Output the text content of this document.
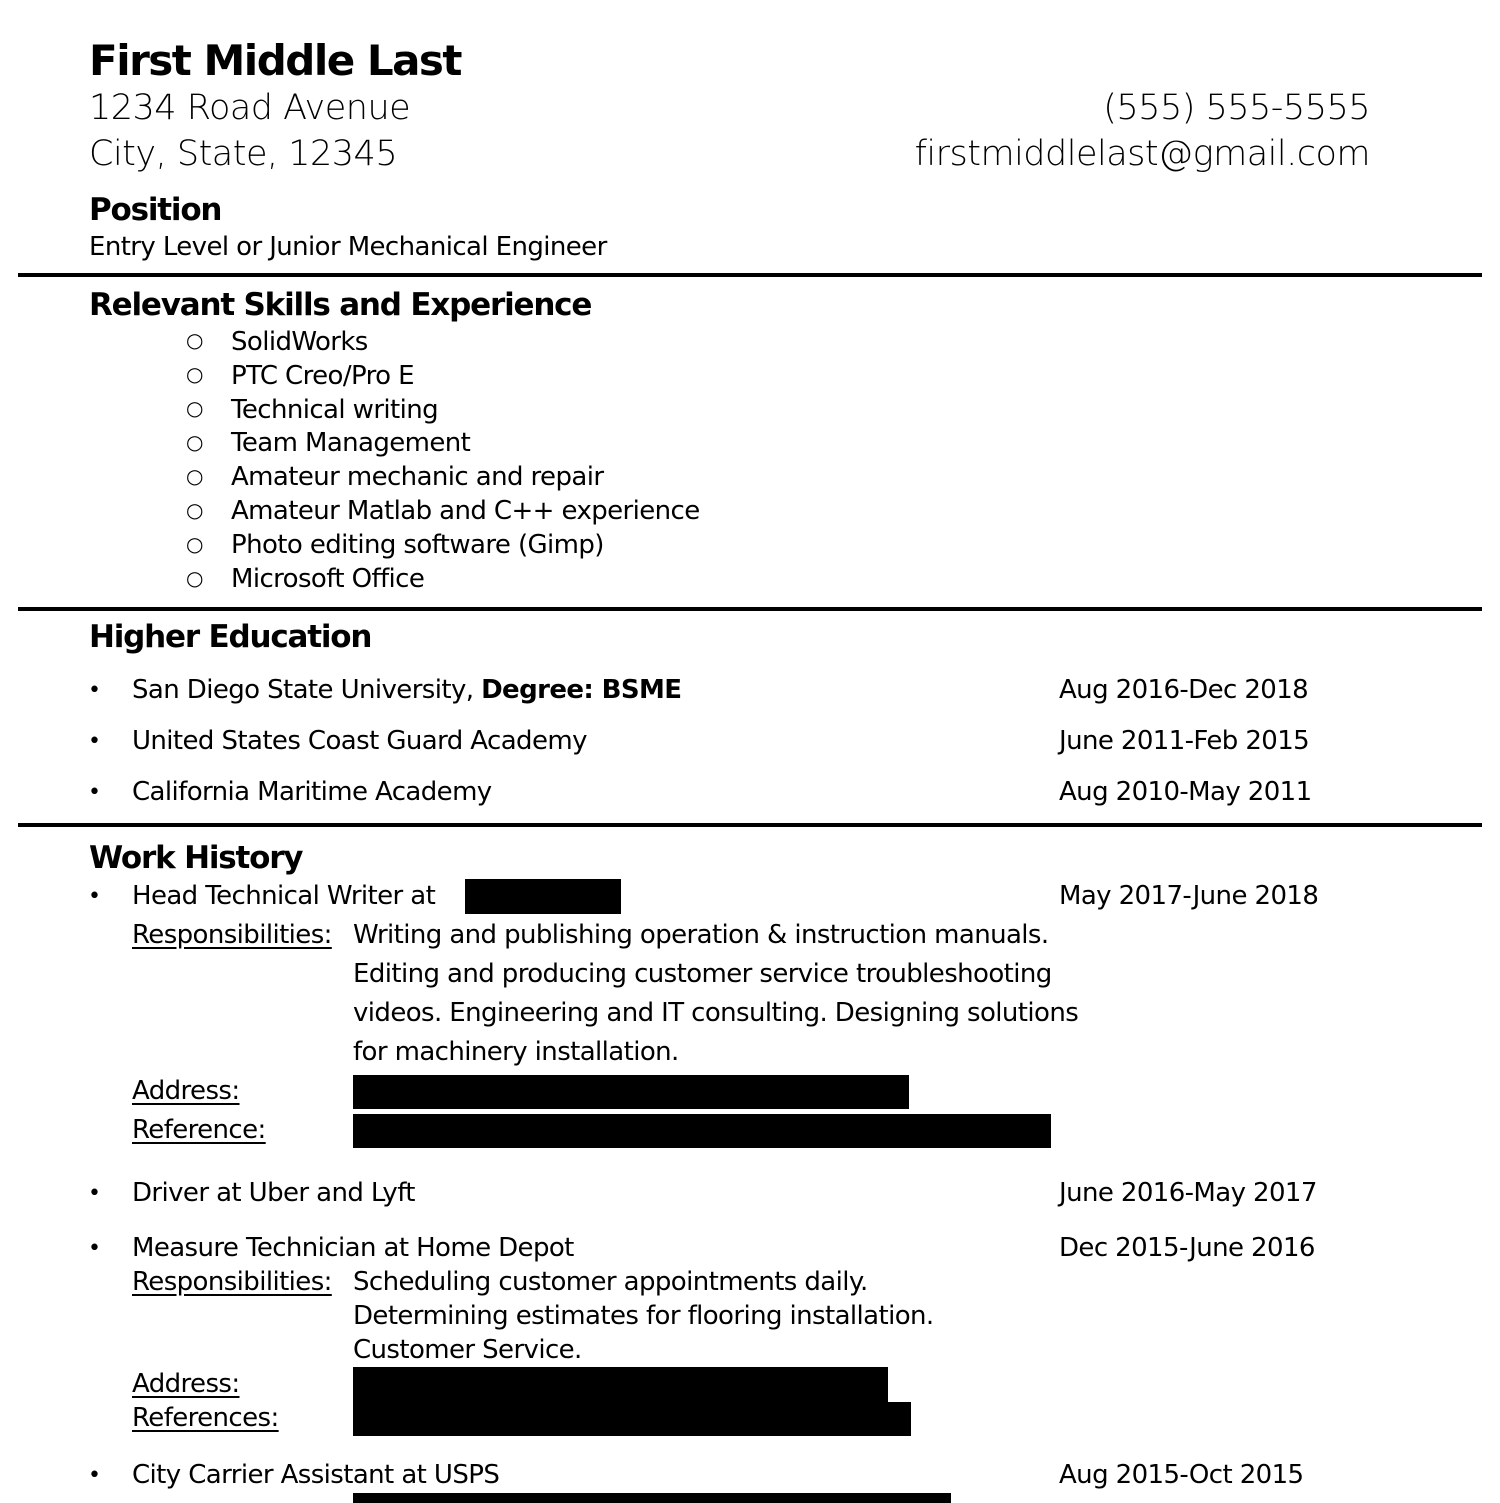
First Middle Last
1234 Road Avenue
City, State, 12345
(555) 555-5555
firstmiddlelast@gmail.com
Position
Entry Level or Junior Mechanical Engineer
Relevant Skills and Experience
○ SolidWorks
○ PTC Creo/Pro E
○ Technical writing
○ Team Management
○ Amateur mechanic and repair
○ Amateur Matlab and C++ experience
○ Photo editing software (Gimp)
○ Microsoft Office
Higher Education
• San Diego State University, Degree: BSME	Aug 2016-Dec 2018
• United States Coast Guard Academy	June 2011-Feb 2015
• California Maritime Academy	Aug 2010-May 2011
Work History
• Head Technical Writer at	May 2017-June 2018
Responsibilities: Writing and publishing operation & instruction manuals.
Editing and producing customer service troubleshooting
videos. Engineering and IT consulting. Designing solutions
for machinery installation.
Address:
Reference:
• Driver at Uber and Lyft	June 2016-May 2017
• Measure Technician at Home Depot	Dec 2015-June 2016
Responsibilities: Scheduling customer appointments daily.
Determining estimates for flooring installation.
Customer Service.
Address:
References:
• City Carrier Assistant at USPS	Aug 2015-Oct 2015
